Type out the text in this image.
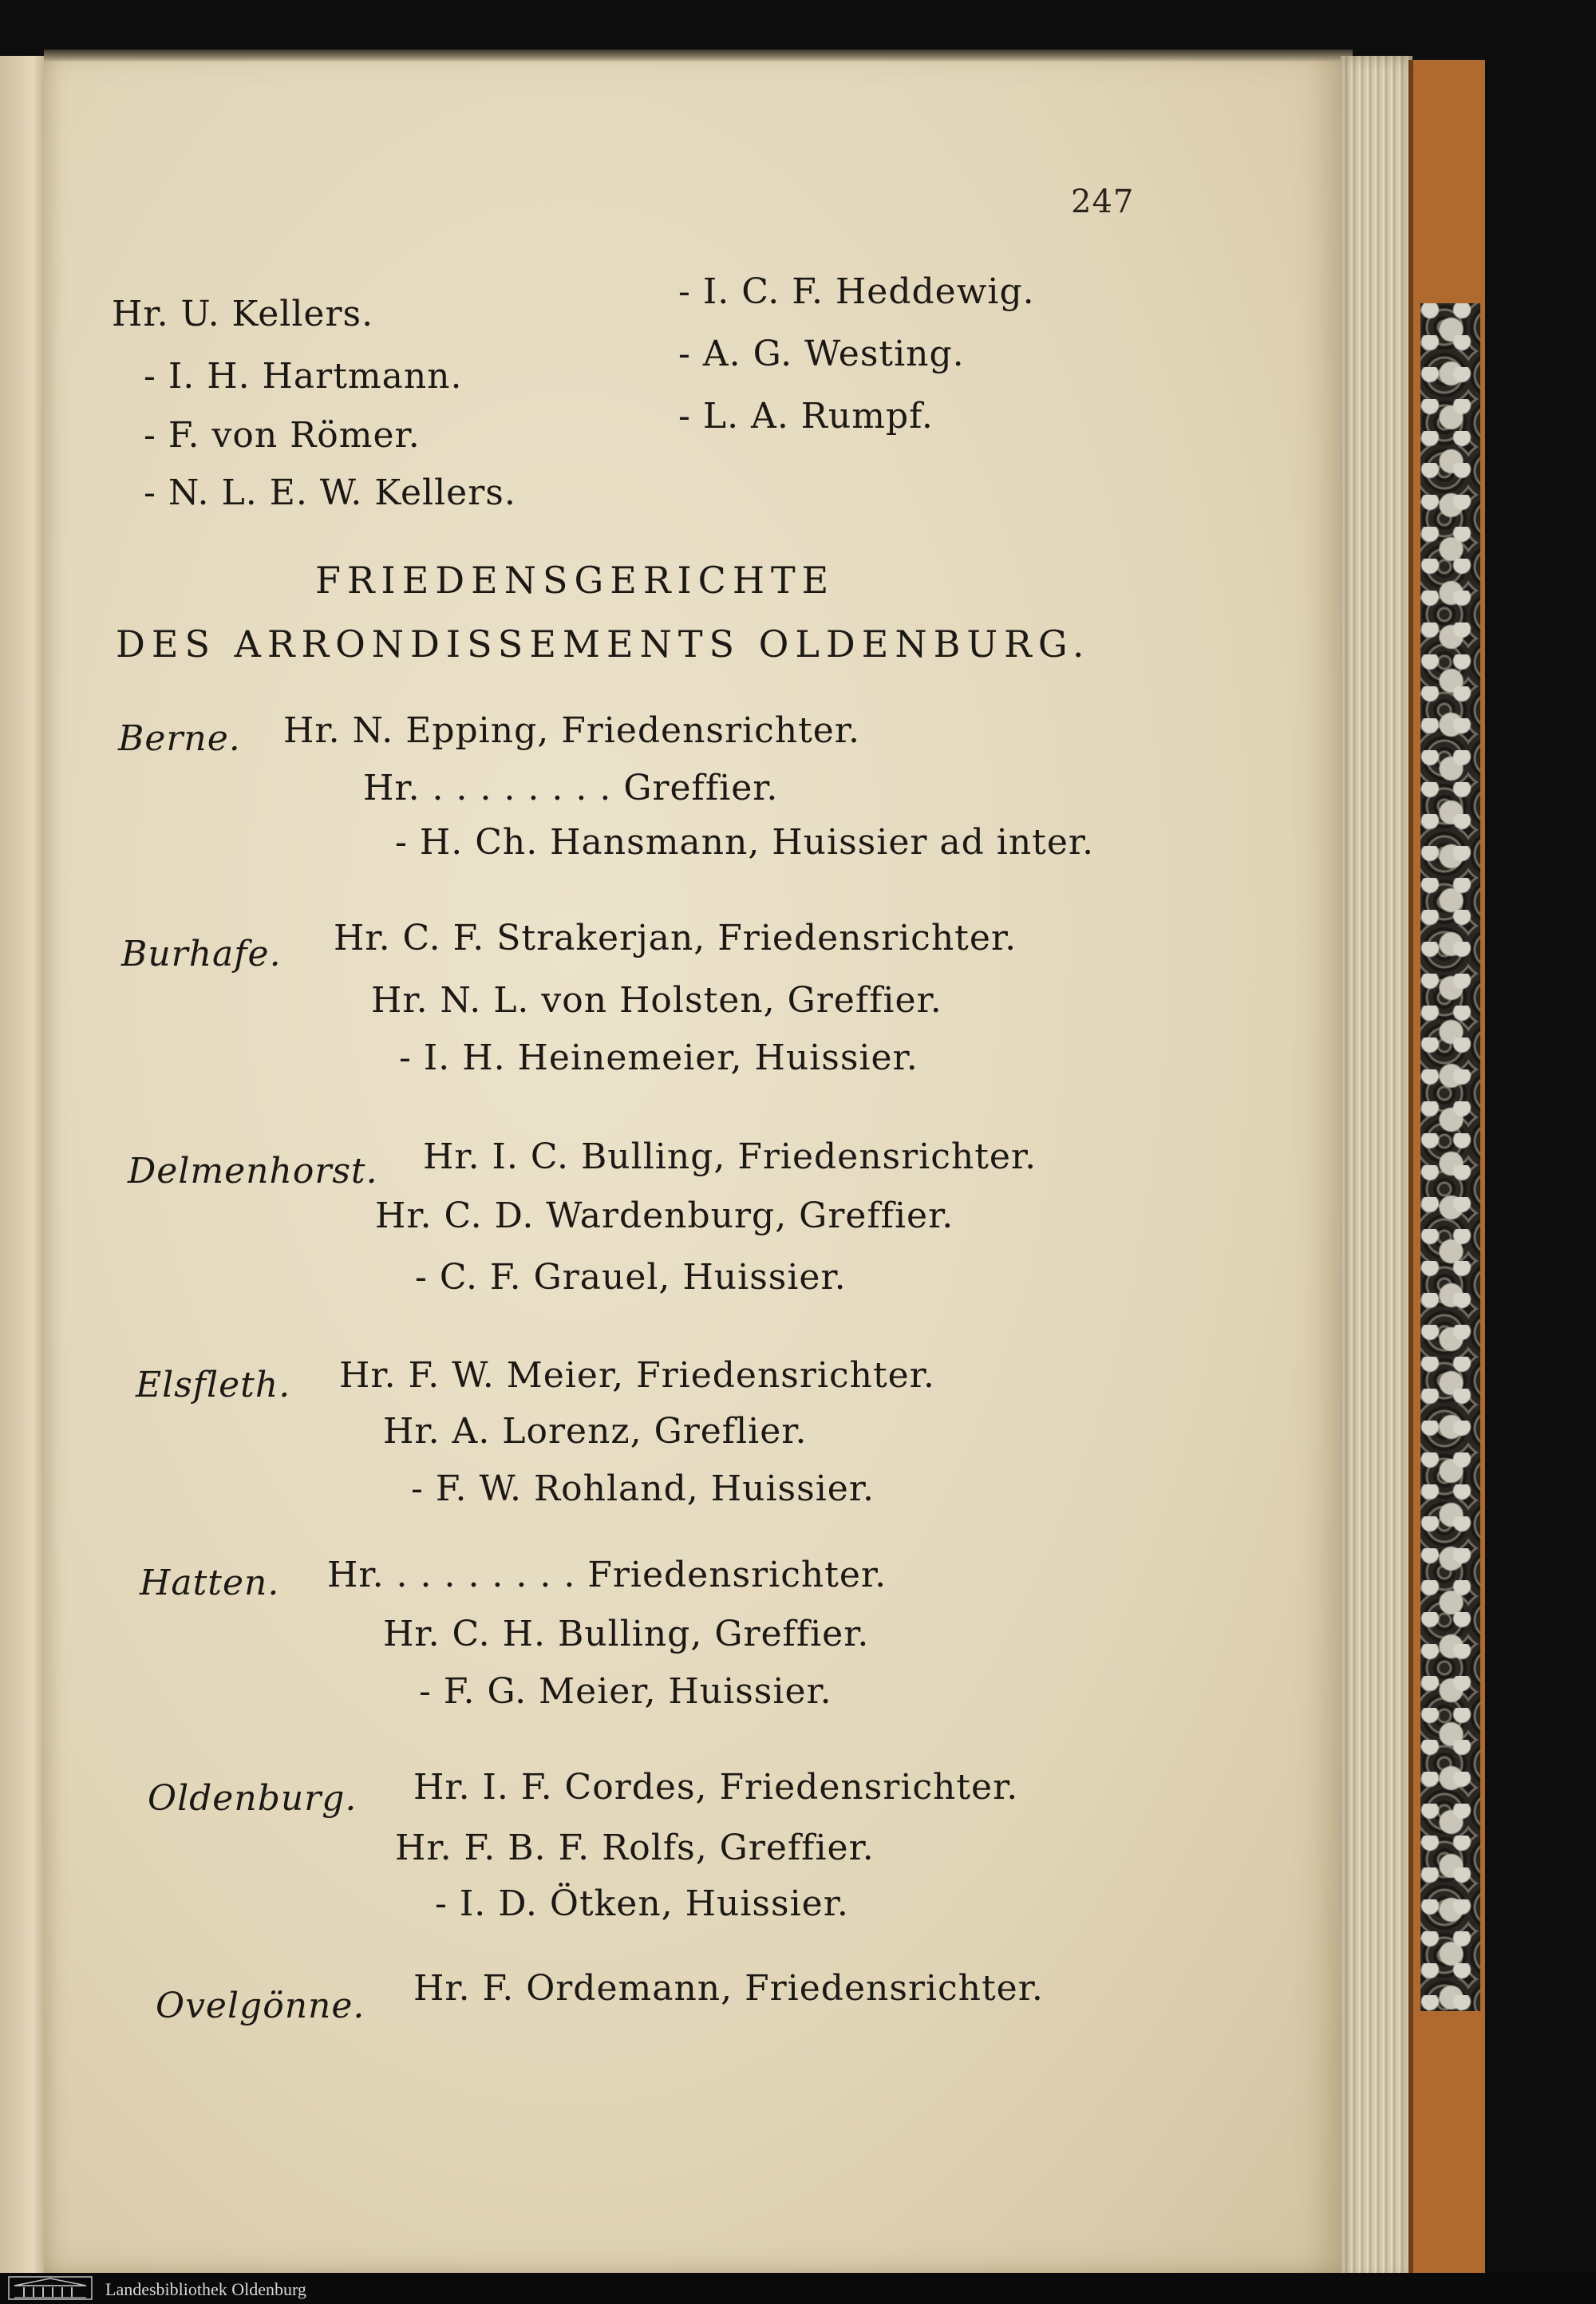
247
Hr. U. Kellers.
- I. H. Hartmann.
- F. von Römer.
- N. L. E. W. Kellers.
- I. C. F. Heddewig.
- A. G. Westing.
- L. A. Rumpf.
FRIEDENSGERICHTE
DES ARRONDISSEMENTS OLDENBURG.
Berne. Hr. N. Epping, Friedensrichter.
Hr. . . . . . . . . Greffier.
- H. Ch. Hansmann, Huissier ad inter.
Burhafe. Hr. C. F. Strakerjan, Friedensrichter.
Hr. N. L. von Holsten, Greffier.
- I. H. Heinemeier, Huissier.
Delmenhorst. Hr. I. C. Bulling, Friedensrichter.
Hr. C. D. Wardenburg, Greffier.
- C. F. Grauel, Huissier.
Elsfleth. Hr. F. W. Meier, Friedensrichter.
Hr. A. Lorenz, Greflier.
- F. W. Rohland, Huissier.
Hatten. Hr. . . . . . . . . Friedensrichter.
Hr. C. H. Bulling, Greffier.
- F. G. Meier, Huissier.
Oldenburg. Hr. I. F. Cordes, Friedensrichter.
Hr. F. B. F. Rolfs, Greffier.
- I. D. Ötken, Huissier.
Ovelgönne. Hr. F. Ordemann, Friedensrichter.
Landesbibliothek Oldenburg
